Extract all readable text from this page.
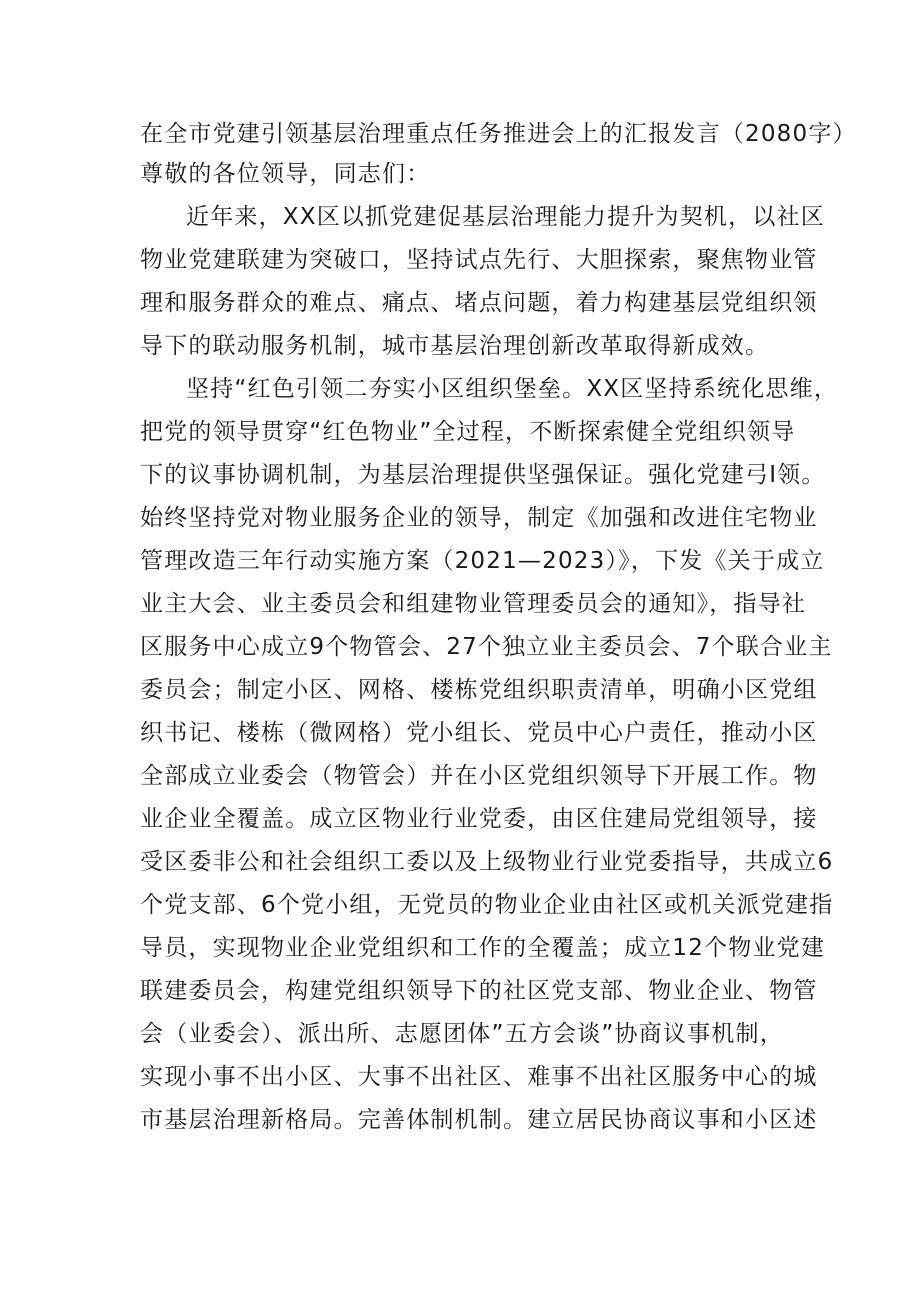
在全市党建引领基层治理重点任务推进会上的汇报发言（2080字）
尊敬的各位领导，同志们：
近年来，XX区以抓党建促基层治理能力提升为契机，以社区
物业党建联建为突破口，坚持试点先行、大胆探索，聚焦物业管
理和服务群众的难点、痛点、堵点问题，着力构建基层党组织领
导下的联动服务机制，城市基层治理创新改革取得新成效。
坚持“红色引领二夯实小区组织堡垒。XX区坚持系统化思维，
把党的领导贯穿“红色物业”全过程，不断探索健全党组织领导
下的议事协调机制，为基层治理提供坚强保证。强化党建弓I领。
始终坚持党对物业服务企业的领导，制定《加强和改进住宅物业
管理改造三年行动实施方案（2021—2023）》，下发《关于成立
业主大会、业主委员会和组建物业管理委员会的通知》，指导社
区服务中心成立9个物管会、27个独立业主委员会、7个联合业主
委员会；制定小区、网格、楼栋党组织职责清单，明确小区党组
织书记、楼栋（微网格）党小组长、党员中心户责任，推动小区
全部成立业委会（物管会）并在小区党组织领导下开展工作。物
业企业全覆盖。成立区物业行业党委，由区住建局党组领导，接
受区委非公和社会组织工委以及上级物业行业党委指导，共成立6
个党支部、6个党小组，无党员的物业企业由社区或机关派党建指
导员，实现物业企业党组织和工作的全覆盖；成立12个物业党建
联建委员会，构建党组织领导下的社区党支部、物业企业、物管
会（业委会）、派出所、志愿团体”五方会谈”协商议事机制，
实现小事不出小区、大事不出社区、难事不出社区服务中心的城
市基层治理新格局。完善体制机制。建立居民协商议事和小区述
